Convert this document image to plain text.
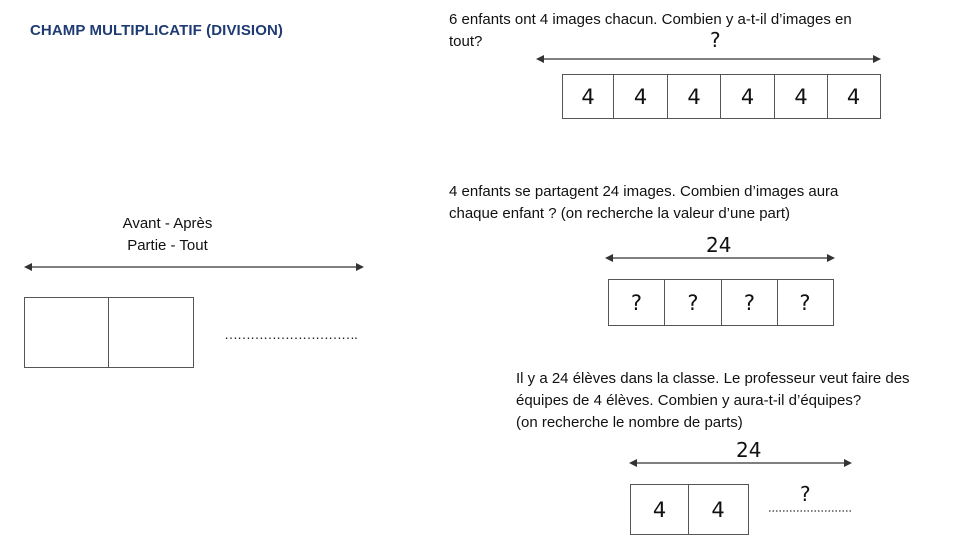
CHAMP MULTIPLICATIF (DIVISION)
Avant - Après
Partie - Tout
………………………….
6 enfants ont 4 images chacun. Combien y a-t-il d’images en
tout?	?
4	4	4	4	4	4
4 enfants se partagent 24 images. Combien d’images aura
chaque enfant ? (on recherche la valeur d’une part)
24
?	?	?	?
Il y a 24 élèves dans la classe. Le professeur veut faire des
équipes de 4 élèves. Combien y aura-t-il d’équipes?
(on recherche le nombre de parts)
24
4	4
?
